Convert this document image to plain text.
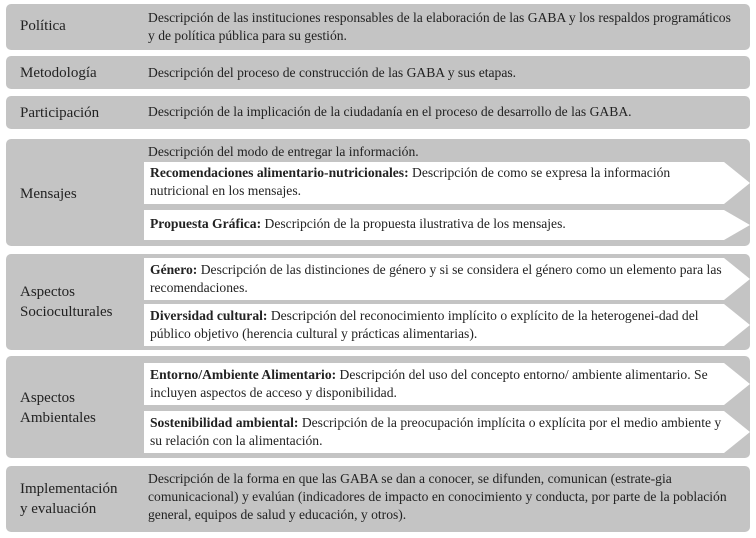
Política
Descripción de las instituciones responsables de la elaboración de las GABA y los respaldos programáticos y de política pública para su gestión.
Metodología	Descripción del proceso de construcción de las GABA y sus etapas.
Participación	Descripción de la implicación de la ciudadanía en el proceso de desarrollo de las GABA.
Mensajes
Descripción del modo de entregar la información.
Recomendaciones alimentario-nutricionales: Descripción de como se expresa la información nutricional en los mensajes.
Propuesta Gráfica: Descripción de la propuesta ilustrativa de los mensajes.
Aspectos
Socioculturales
Género: Descripción de las distinciones de género y si se considera el género como un elemento para las recomendaciones.
Diversidad cultural: Descripción del reconocimiento implícito o explícito de la heterogenei-dad del público objetivo (herencia cultural y prácticas alimentarias).
Aspectos
Ambientales
Entorno/Ambiente Alimentario: Descripción del uso del concepto entorno/ ambiente alimentario. Se incluyen aspectos de acceso y disponibilidad.
Sostenibilidad ambiental: Descripción de la preocupación implícita o explícita por el medio ambiente y su relación con la alimentación.
Implementación
y evaluación
Descripción de la forma en que las GABA se dan a conocer, se difunden, comunican (estrate-gia comunicacional) y evalúan (indicadores de impacto en conocimiento y conducta, por parte de la población general, equipos de salud y educación, y otros).
